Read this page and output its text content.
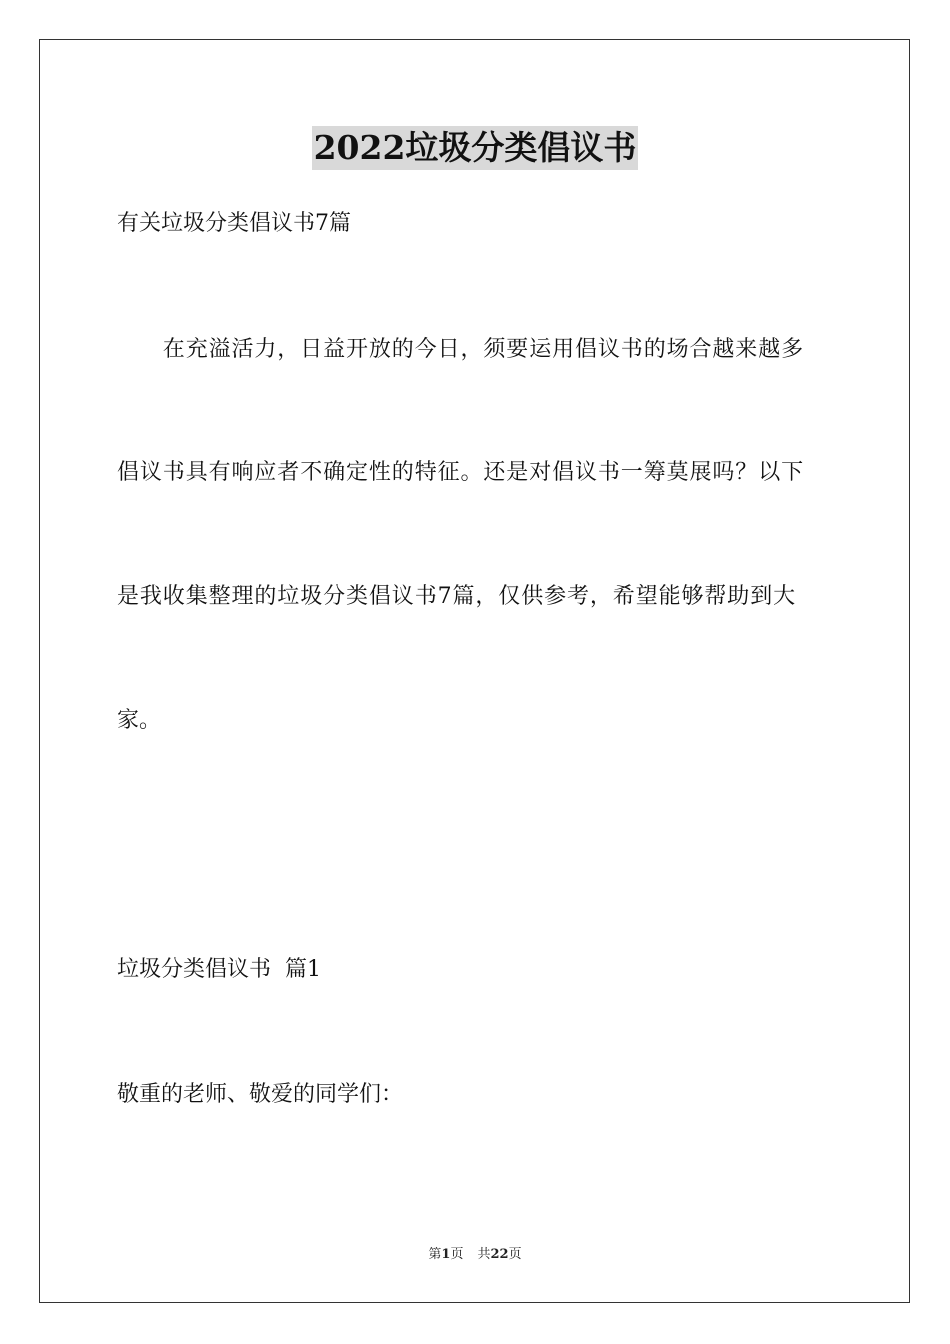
2022垃圾分类倡议书

有关垃圾分类倡议书7篇

　　在充溢活力，日益开放的今日，须要运用倡议书的场合越来越多

倡议书具有响应者不确定性的特征。还是对倡议书一筹莫展吗？以下

是我收集整理的垃圾分类倡议书7篇，仅供参考，希望能够帮助到大

家。

垃圾分类倡议书  篇1

敬重的老师、敬爱的同学们：

第1页 共22页
